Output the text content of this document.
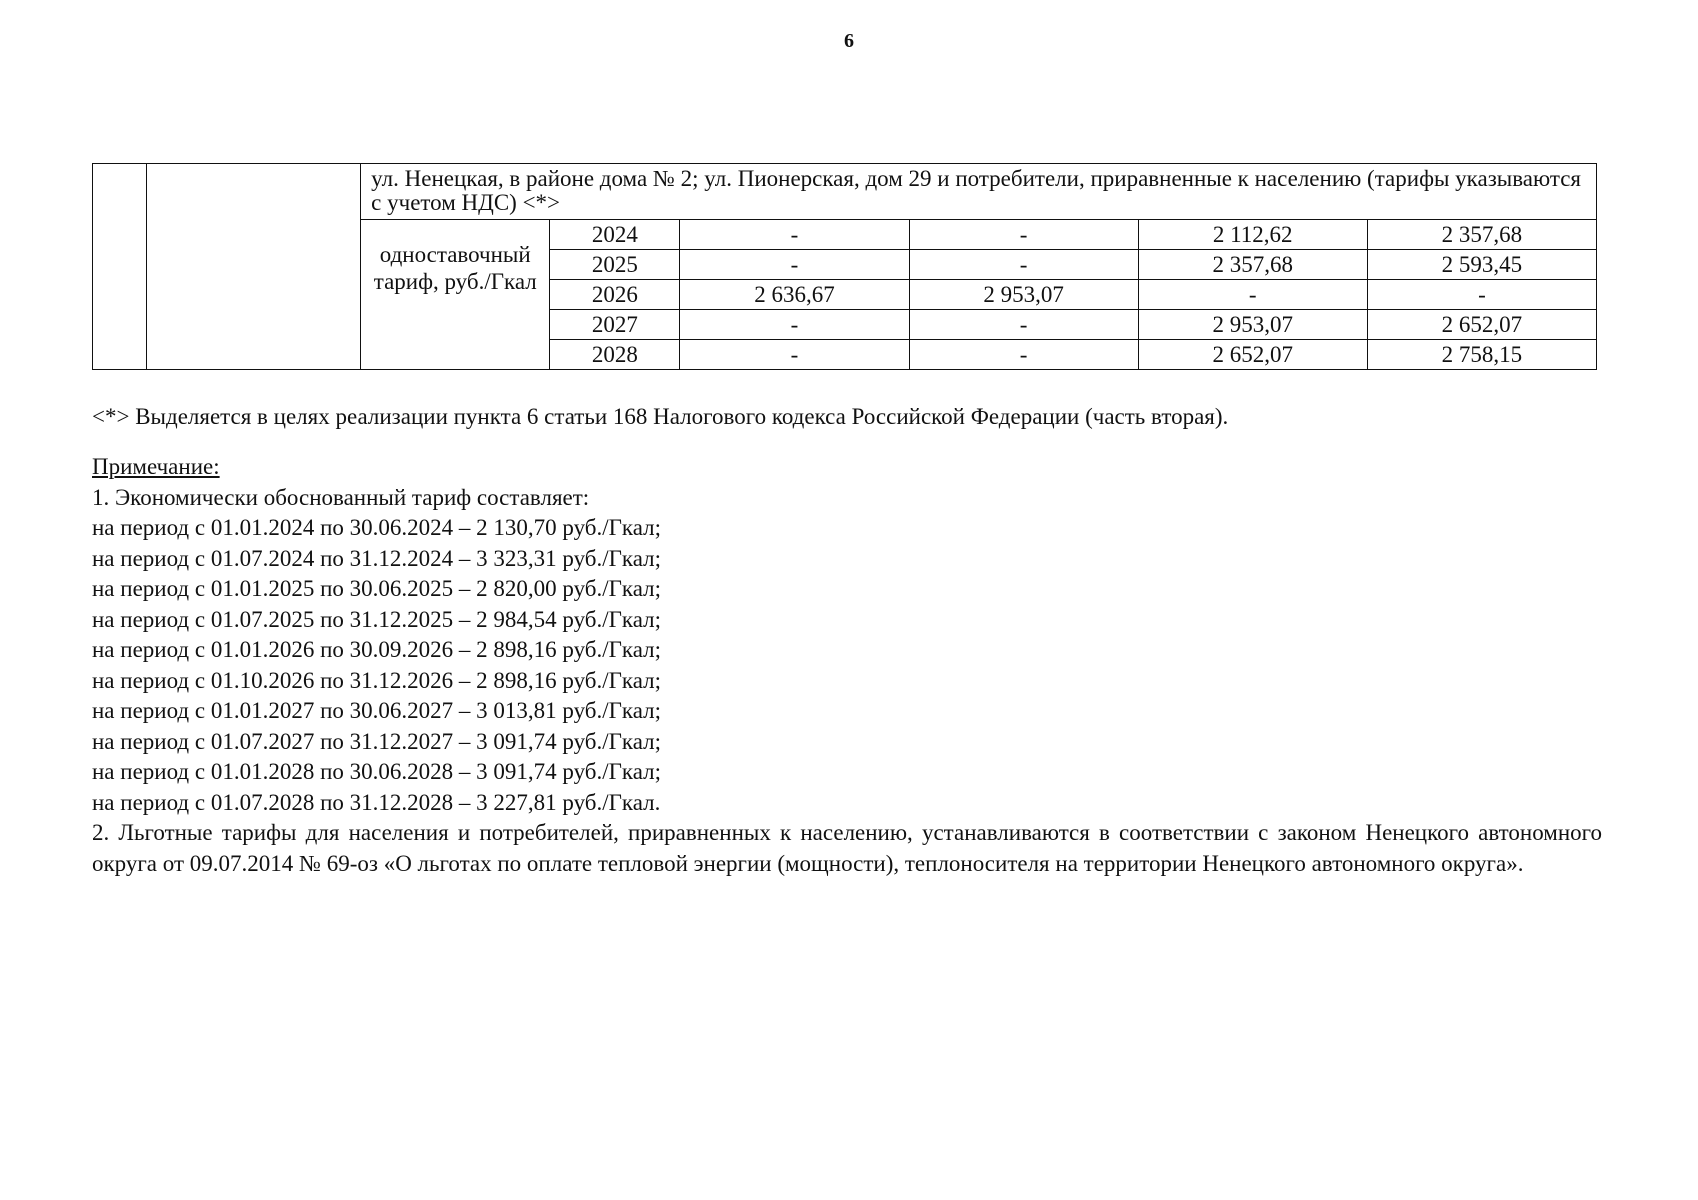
6
		ул. Ненецкая, в районе дома № 2; ул. Пионерская, дом 29 и потребители, приравненные к населению (тарифы указываются с учетом НДС) <*>					
		одноставочный тариф, руб./Гкал	2024	-	-	2 112,62	2 357,68
			2025	-	-	2 357,68	2 593,45
			2026	2 636,67	2 953,07	-	-
			2027	-	-	2 953,07	2 652,07
			2028	-	-	2 652,07	2 758,15
<*> Выделяется в целях реализации пункта 6 статьи 168 Налогового кодекса Российской Федерации (часть вторая).
Примечание:
1. Экономически обоснованный тариф составляет:
на период с 01.01.2024 по 30.06.2024 – 2 130,70 руб./Гкал;
на период с 01.07.2024 по 31.12.2024 – 3 323,31 руб./Гкал;
на период с 01.01.2025 по 30.06.2025 – 2 820,00 руб./Гкал;
на период с 01.07.2025 по 31.12.2025 – 2 984,54 руб./Гкал;
на период с 01.01.2026 по 30.09.2026 – 2 898,16 руб./Гкал;
на период с 01.10.2026 по 31.12.2026 – 2 898,16 руб./Гкал;
на период с 01.01.2027 по 30.06.2027 – 3 013,81 руб./Гкал;
на период с 01.07.2027 по 31.12.2027 – 3 091,74 руб./Гкал;
на период с 01.01.2028 по 30.06.2028 – 3 091,74 руб./Гкал;
на период с 01.07.2028 по 31.12.2028 – 3 227,81 руб./Гкал.
2. Льготные тарифы для населения и потребителей, приравненных к населению, устанавливаются в соответствии с законом Ненецкого автономного округа от 09.07.2014 № 69-оз «О льготах по оплате тепловой энергии (мощности), теплоносителя на территории Ненецкого автономного округа».
